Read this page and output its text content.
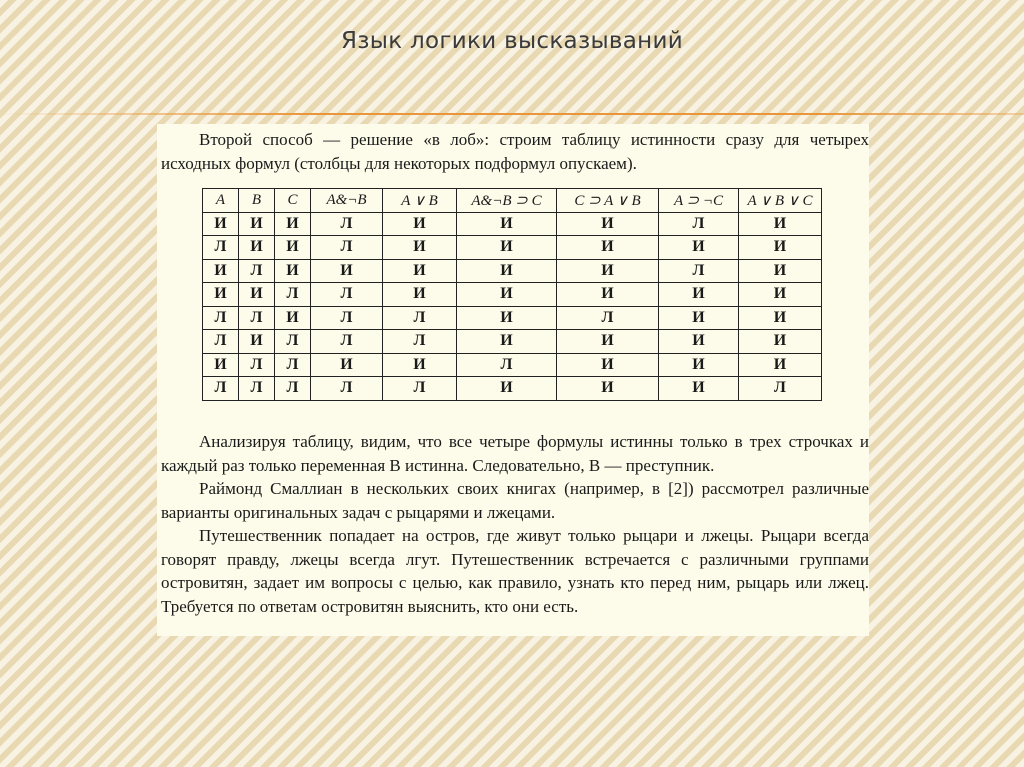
Язык логики высказываний

Второй способ — решение «в лоб»: строим таблицу истинности сразу для четырех исходных формул (столбцы для некоторых подформул опускаем).

A	B	C	A&¬B	A ∨ B	A&¬B ⊃ C	C ⊃ A ∨ B	A ⊃ ¬C	A ∨ B ∨ C
И	И	И	Л	И	И	И	Л	И
Л	И	И	Л	И	И	И	И	И
И	Л	И	И	И	И	И	Л	И
И	И	Л	Л	И	И	И	И	И
Л	Л	И	Л	Л	И	Л	И	И
Л	И	Л	Л	Л	И	И	И	И
И	Л	Л	И	И	Л	И	И	И
Л	Л	Л	Л	Л	И	И	И	Л

Анализируя таблицу, видим, что все четыре формулы истинны только в трех строчках и каждый раз только переменная B истинна. Следовательно, B — преступник.

Раймонд Смаллиан в нескольких своих книгах (например, в [2]) рассмотрел различные варианты оригинальных задач с рыцарями и лжецами.

Путешественник попадает на остров, где живут только рыцари и лжецы. Рыцари всегда говорят правду, лжецы всегда лгут. Путешественник встречается с различными группами островитян, задает им вопросы с целью, как правило, узнать кто перед ним, рыцарь или лжец. Требуется по ответам островитян выяснить, кто они есть.
